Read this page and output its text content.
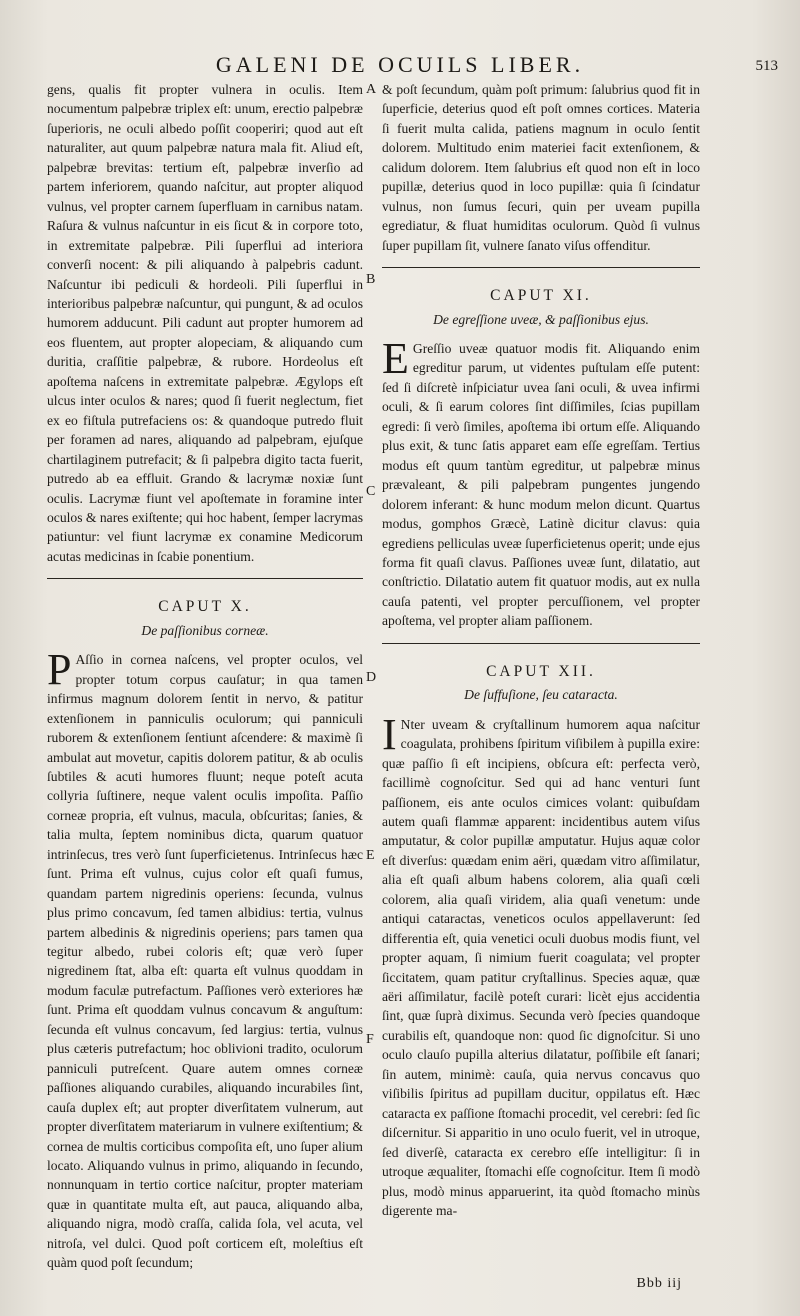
GALENI DE OCUILS LIBER.	513
A
B
C
D
E
F

gens, qualis fit propter vulnera in oculis. Item nocumentum palpebræ triplex eſt: unum, erectio palpebræ ſuperioris, ne oculi albedo poſſit cooperiri; quod aut eſt naturaliter, aut quum palpebræ natura mala fit. Aliud eſt, palpebræ brevitas: tertium eſt, palpebræ inverſio ad partem inferiorem, quando naſcitur, aut propter aliquod vulnus, vel propter carnem ſuperfluam in carnibus natam. Raſura & vulnus naſcuntur in eis ſicut & in corpore toto, in extremitate palpebræ. Pili ſuperflui ad interiora converſi nocent: & pili aliquando à palpebris cadunt. Naſcuntur ibi pediculi & hordeoli. Pili ſuperflui in interioribus palpebræ naſcuntur, qui pungunt, & ad oculos humorem adducunt. Pili cadunt aut propter humorem ad eos fluentem, aut propter alopeciam, & aliquando cum duritia, craſſitie palpebræ, & rubore. Hordeolus eſt apoſtema naſcens in extremitate palpebræ. Ægylops eſt ulcus inter oculos & nares; quod ſi fuerit neglectum, fiet ex eo fiſtula putrefaciens os: & quandoque putredo fluit per foramen ad nares, aliquando ad palpebram, ejuſque chartilaginem putrefacit; & ſi palpebra digito tacta fuerit, putredo ab ea effluit. Grando & lacrymæ noxiæ ſunt oculis. Lacrymæ fiunt vel apoſtemate in foramine inter oculos & nares exiſtente; qui hoc habent, ſemper lacrymas patiuntur: vel fiunt lacrymæ ex conamine Medicorum acutas medicinas in ſcabie ponentium.

CAPUT X.
De paſſionibus corneæ.

P Aſſio in cornea naſcens, vel propter oculos, vel propter totum corpus cauſatur; in qua tamen infirmus magnum dolorem ſentit in nervo, & patitur extenſionem in panniculis oculorum; qui panniculi ruborem & extenſionem ſentiunt aſcendere: & maximè ſi ambulat aut movetur, capitis dolorem patitur, & ab oculis ſubtiles & acuti humores fluunt; neque poteſt acuta collyria ſuſtinere, neque valent oculis impoſita. Paſſio corneæ propria, eſt vulnus, macula, obſcuritas; ſanies, & talia multa, ſeptem nominibus dicta, quarum quatuor intrinſecus, tres verò ſunt ſuperficietenus. Intrinſecus hæc ſunt. Prima eſt vulnus, cujus color eſt quaſi fumus, quandam partem nigredinis operiens: ſecunda, vulnus plus primo concavum, ſed tamen albidius: tertia, vulnus partem albedinis & nigredinis operiens; pars tamen qua tegitur albedo, rubei coloris eſt; quæ verò ſuper nigredinem ſtat, alba eſt: quarta eſt vulnus quoddam in modum faculæ putrefactum. Paſſiones verò exteriores hæ ſunt. Prima eſt quoddam vulnus concavum & anguſtum: ſecunda eſt vulnus concavum, ſed largius: tertia, vulnus plus cæteris putrefactum; hoc oblivioni tradito, oculorum panniculi putreſcent. Quare autem omnes corneæ paſſiones aliquando curabiles, aliquando incurabiles ſint, cauſa duplex eſt; aut propter diverſitatem vulnerum, aut propter diverſitatem materiarum in vulnere exiſtentium; & cornea de multis corticibus compoſita eſt, uno ſuper alium locato. Aliquando vulnus in primo, aliquando in ſecundo, nonnunquam in tertio cortice naſcitur, propter materiam quæ in quantitate multa eſt, aut pauca, aliquando alba, aliquando nigra, modò craſſa, calida ſola, vel acuta, vel nitroſa, vel dulci. Quod poſt corticem eſt, moleſtius eſt quàm quod poſt ſecundum;

& poſt ſecundum, quàm poſt primum: ſalubrius quod fit in ſuperficie, deterius quod eſt poſt omnes cortices. Materia ſi fuerit multa calida, patiens magnum in oculo ſentit dolorem. Multitudo enim materiei facit extenſionem, & calidum dolorem. Item ſalubrius eſt quod non eſt in loco pupillæ, deterius quod in loco pupillæ: quia ſi ſcindatur vulnus, non ſumus ſecuri, quin per uveam pupilla egrediatur, & fluat humiditas oculorum. Quòd ſi vulnus ſuper pupillam ſit, vulnere ſanato viſus offenditur.

CAPUT XI.
De egreſſione uveæ, & paſſionibus ejus.

E Greſſio uveæ quatuor modis fit. Aliquando enim egreditur parum, ut videntes puſtulam eſſe putent: ſed ſi diſcretè inſpiciatur uvea ſani oculi, & uvea infirmi oculi, & ſi earum colores ſint diſſimiles, ſcias pupillam egredi: ſi verò ſimiles, apoſtema ibi ortum eſſe. Aliquando plus exit, & tunc ſatis apparet eam eſſe egreſſam. Tertius modus eſt quum tantùm egreditur, ut palpebræ minus prævaleant, & pili palpebram pungentes jungendo dolorem inferant: & hunc modum melon dicunt. Quartus modus, gomphos Græcè, Latinè dicitur clavus: quia egrediens pelliculas uveæ ſuperficietenus operit; unde ejus forma fit quaſi clavus. Paſſiones uveæ ſunt, dilatatio, aut conſtrictio. Dilatatio autem fit quatuor modis, aut ex nulla cauſa patenti, vel propter percuſſionem, vel propter apoſtema, vel propter aliam paſſionem.

CAPUT XII.
De ſuffuſione, ſeu cataracta.

I Nter uveam & cryſtallinum humorem aqua naſcitur coagulata, prohibens ſpiritum viſibilem à pupilla exire: quæ paſſio ſi eſt incipiens, obſcura eſt: perfecta verò, facillimè cognoſcitur. Sed qui ad hanc venturi ſunt paſſionem, eis ante oculos cimices volant: quibuſdam autem quaſi flammæ apparent: incidentibus autem viſus amputatur, & color pupillæ amputatur. Hujus aquæ color eſt diverſus: quædam enim aëri, quædam vitro aſſimilatur, alia eſt quaſi album habens colorem, alia quaſi cœli colorem, alia quaſi viridem, alia quaſi venetum: unde antiqui cataractas, veneticos oculos appellaverunt: ſed differentia eſt, quia venetici oculi duobus modis fiunt, vel propter aquam, ſi nimium fuerit coagulata; vel propter ſiccitatem, quam patitur cryſtallinus. Species aquæ, quæ aëri aſſimilatur, facilè poteſt curari: licèt ejus accidentia ſint, quæ ſuprà diximus. Secunda verò ſpecies quandoque curabilis eſt, quandoque non: quod ſic dignoſcitur. Si uno oculo clauſo pupilla alterius dilatatur, poſſibile eſt ſanari; ſin autem, minimè: cauſa, quia nervus concavus quo viſibilis ſpiritus ad pupillam ducitur, oppilatus eſt. Hæc cataracta ex paſſione ſtomachi procedit, vel cerebri: ſed ſic diſcernitur. Si apparitio in uno oculo fuerit, vel in utroque, ſed diverſè, cataracta ex cerebro eſſe intelligitur: ſi in utroque æqualiter, ſtomachi eſſe cognoſcitur. Item ſi modò plus, modò minus apparuerint, ita quòd ſtomacho minùs digerente ma-

Bbb iij
